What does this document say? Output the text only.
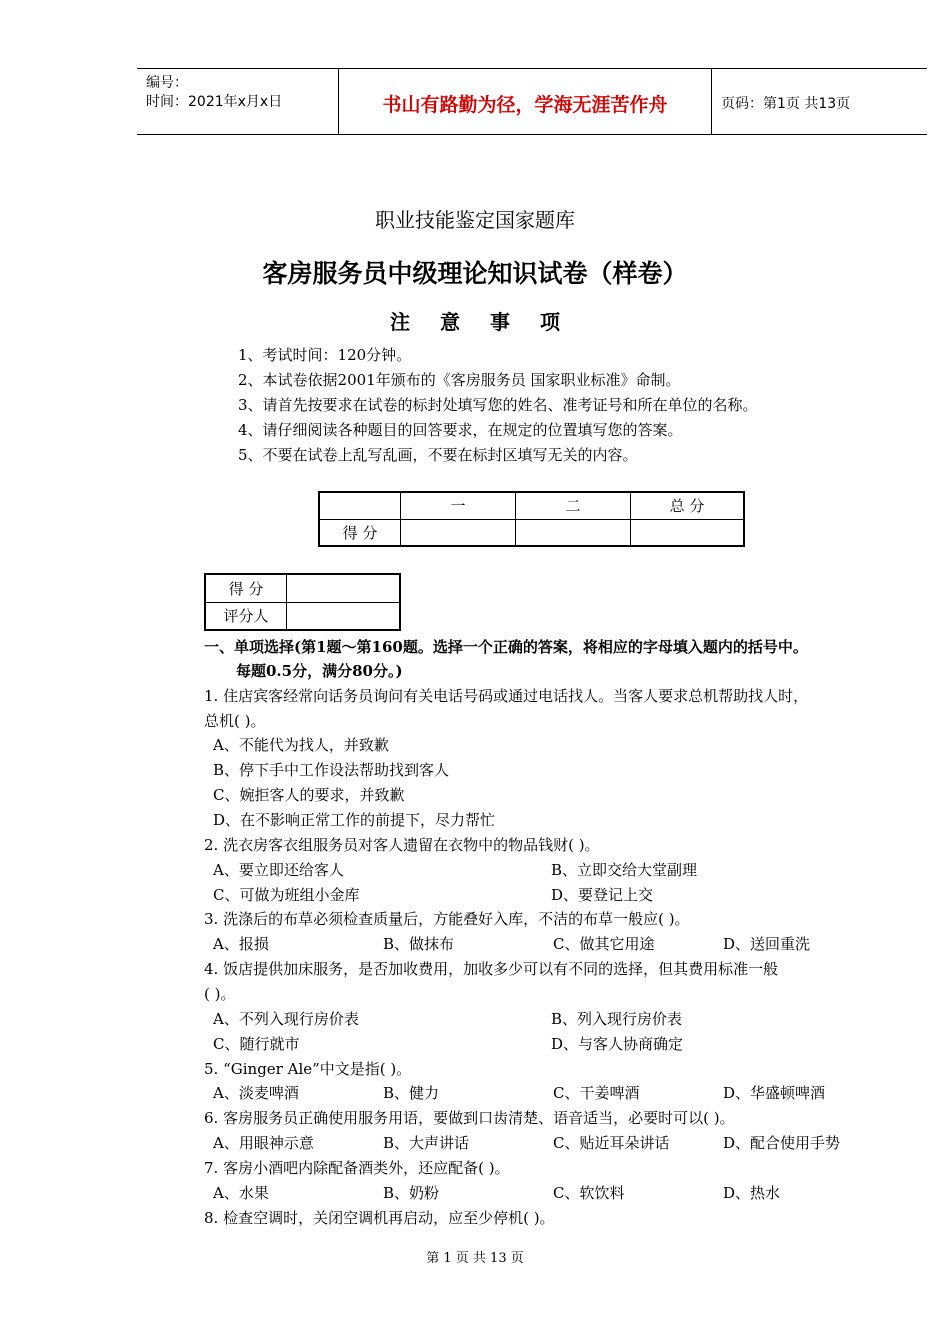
编号：
时间：2021年x月x日	书山有路勤为径，学海无涯苦作舟	页码：第1页 共13页
职业技能鉴定国家题库
客房服务员中级理论知识试卷（样卷）
注意事项
1、考试时间：120分钟。
2、本试卷依据2001年颁布的《客房服务员 国家职业标准》命制。
3、请首先按要求在试卷的标封处填写您的姓名、准考证号和所在单位的名称。
4、请仔细阅读各种题目的回答要求，在规定的位置填写您的答案。
5、不要在试卷上乱写乱画，不要在标封区填写无关的内容。
	一	二	总 分
得 分			
得 分	
评分人	
一、单项选择(第1题～第160题。选择一个正确的答案，将相应的字母填入题内的括号中。
每题0.5分，满分80分。)
1. 住店宾客经常向话务员询问有关电话号码或通过电话找人。当客人要求总机帮助找人时，
总机( )。
A、不能代为找人，并致歉
B、停下手中工作设法帮助找到客人
C、婉拒客人的要求，并致歉
D、在不影响正常工作的前提下，尽力帮忙
2. 洗衣房客衣组服务员对客人遗留在衣物中的物品钱财( )。
A、要立即还给客人	B、立即交给大堂副理
C、可做为班组小金库	D、要登记上交
3. 洗涤后的布草必须检查质量后，方能叠好入库，不洁的布草一般应( )。
A、报损	B、做抹布	C、做其它用途	D、送回重洗
4. 饭店提供加床服务，是否加收费用，加收多少可以有不同的选择，但其费用标准一般
( )。
A、不列入现行房价表	B、列入现行房价表
C、随行就市	D、与客人协商确定
5. “Ginger Ale”中文是指( )。
A、淡麦啤酒	B、健力	C、干姜啤酒	D、华盛顿啤酒
6. 客房服务员正确使用服务用语，要做到口齿清楚、语音适当，必要时可以( )。
A、用眼神示意	B、大声讲话	C、贴近耳朵讲话	D、配合使用手势
7. 客房小酒吧内除配备酒类外，还应配备( )。
A、水果	B、奶粉	C、软饮料	D、热水
8. 检查空调时，关闭空调机再启动，应至少停机( )。
第 1 页 共 13 页
